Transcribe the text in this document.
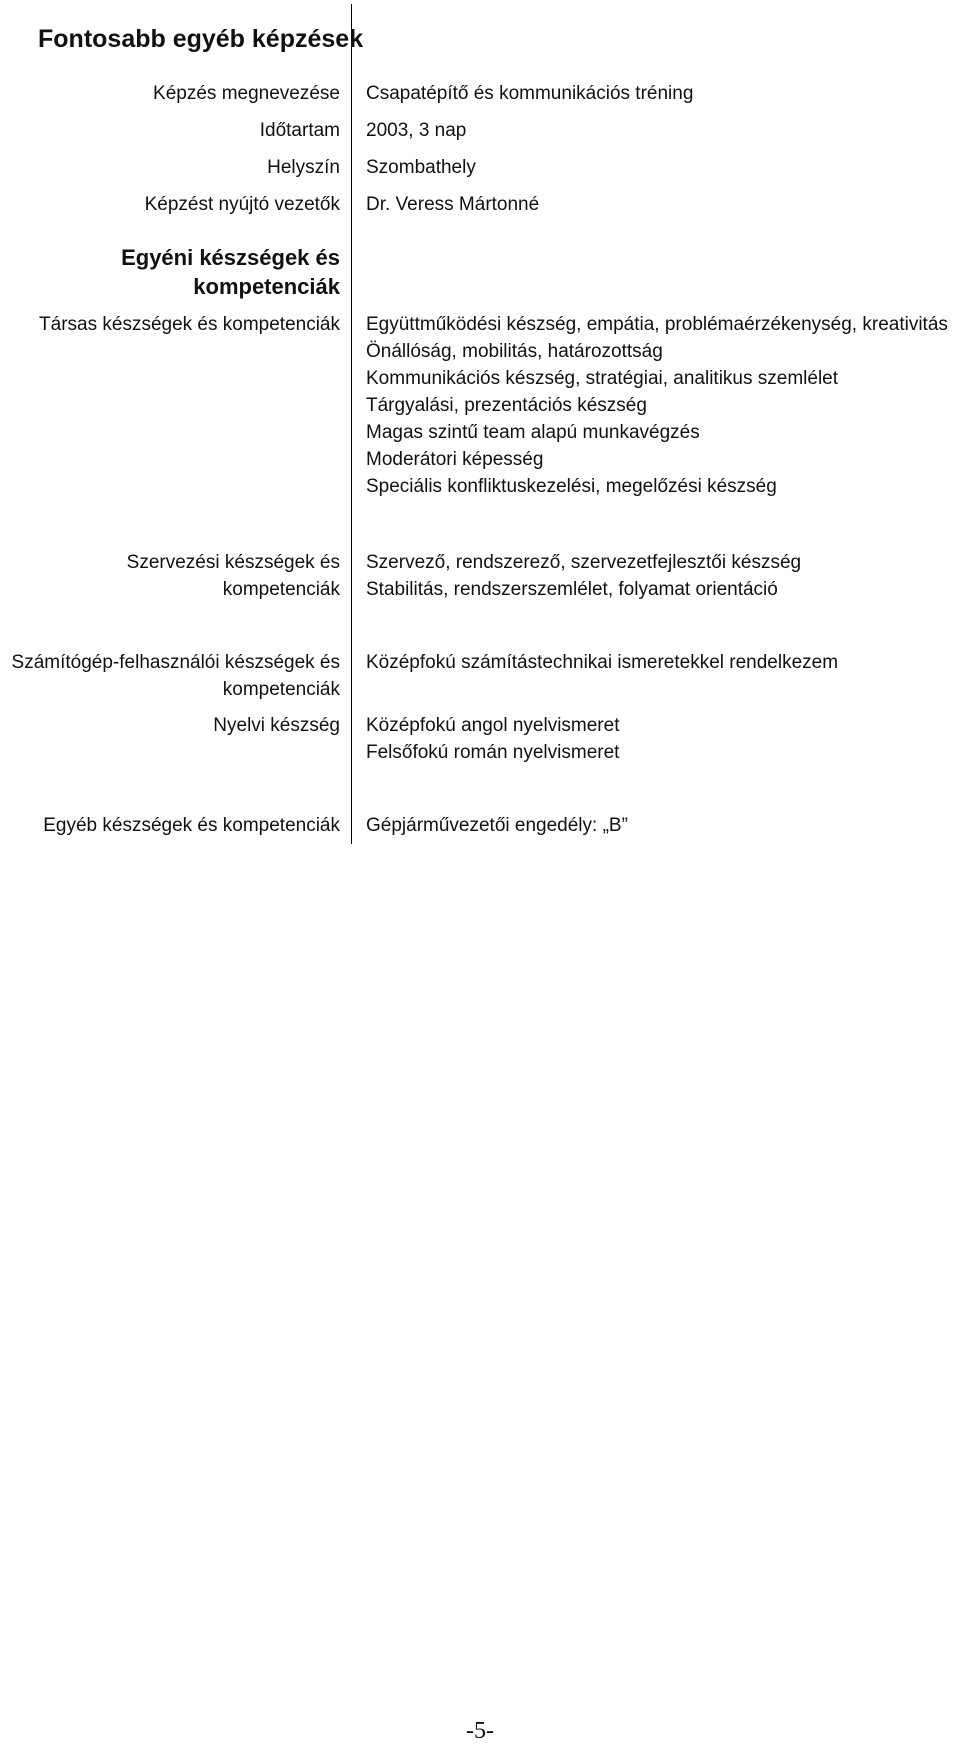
Fontosabb egyéb képzések
Képzés megnevezése Csapatépítő és kommunikációs tréning
Időtartam 2003, 3 nap
Helyszín Szombathely
Képzést nyújtó vezetők Dr. Veress Mártonné
Egyéni készségek és
kompetenciák
Társas készségek és kompetenciák Együttműködési készség, empátia, problémaérzékenység, kreativitás
Önállóság, mobilitás, határozottság
Kommunikációs készség, stratégiai, analitikus szemlélet
Tárgyalási, prezentációs készség
Magas szintű team alapú munkavégzés
Moderátori képesség
Speciális konfliktuskezelési, megelőzési készség
Szervezési készségek és
kompetenciák
Szervező, rendszerező, szervezetfejlesztői készség
Stabilitás, rendszerszemlélet, folyamat orientáció
Számítógép-felhasználói készségek és
kompetenciák
Középfokú számítástechnikai ismeretekkel rendelkezem
Nyelvi készség Középfokú angol nyelvismeret
Felsőfokú román nyelvismeret
Egyéb készségek és kompetenciák Gépjárművezetői engedély: „B”
-5-
